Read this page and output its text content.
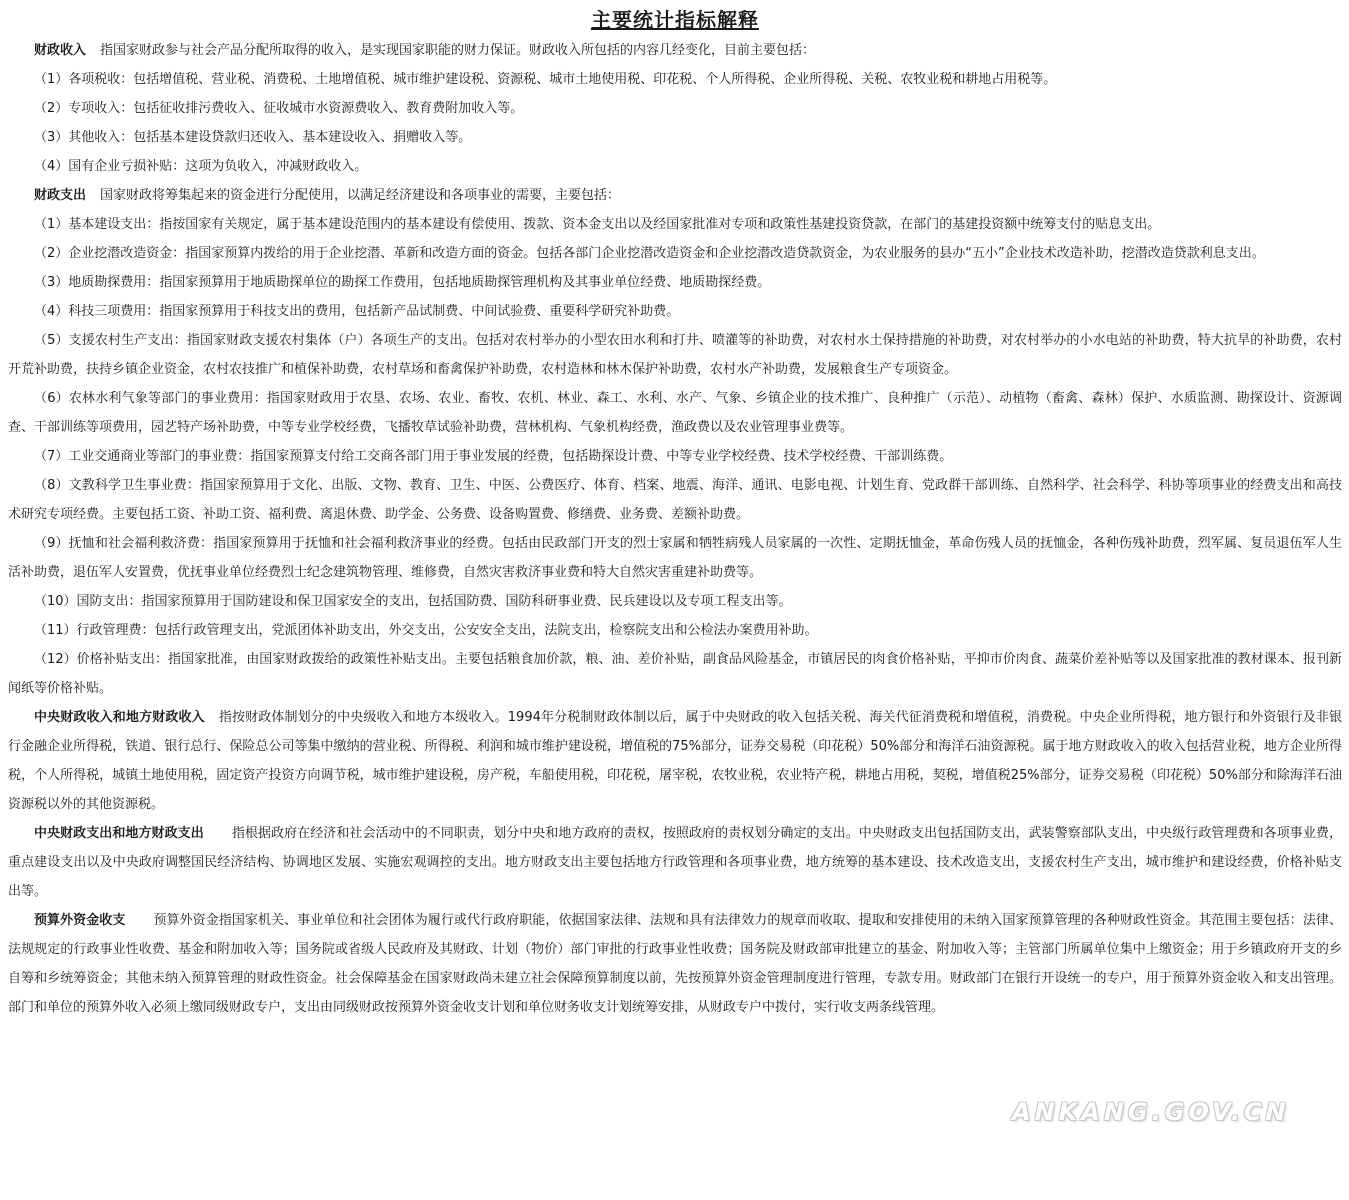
主要统计指标解释

财政收入 指国家财政参与社会产品分配所取得的收入，是实现国家职能的财力保证。财政收入所包括的内容几经变化，目前主要包括：

（1）各项税收：包括增值税、营业税、消费税、土地增值税、城市维护建设税、资源税、城市土地使用税、印花税、个人所得税、企业所得税、关税、农牧业税和耕地占用税等。

（2）专项收入：包括征收排污费收入、征收城市水资源费收入、教育费附加收入等。

（3）其他收入：包括基本建设贷款归还收入、基本建设收入、捐赠收入等。

（4）国有企业亏损补贴：这项为负收入，冲减财政收入。

财政支出 国家财政将筹集起来的资金进行分配使用，以满足经济建设和各项事业的需要，主要包括：

（1）基本建设支出：指按国家有关规定，属于基本建设范围内的基本建设有偿使用、拨款、资本金支出以及经国家批准对专项和政策性基建投资贷款，在部门的基建投资额中统筹支付的贴息支出。

（2）企业挖潜改造资金：指国家预算内拨给的用于企业挖潜、革新和改造方面的资金。包括各部门企业挖潜改造资金和企业挖潜改造贷款资金，为农业服务的县办“五小”企业技术改造补助，挖潜改造贷款利息支出。

（3）地质勘探费用：指国家预算用于地质勘探单位的勘探工作费用，包括地质勘探管理机构及其事业单位经费、地质勘探经费。

（4）科技三项费用：指国家预算用于科技支出的费用，包括新产品试制费、中间试验费、重要科学研究补助费。

（5）支援农村生产支出：指国家财政支援农村集体（户）各项生产的支出。包括对农村举办的小型农田水利和打井、喷灌等的补助费，对农村水土保持措施的补助费，对农村举办的小水电站的补助费，特大抗旱的补助费，农村开荒补助费，扶持乡镇企业资金，农村农技推广和植保补助费，农村草场和畜禽保护补助费，农村造林和林木保护补助费，农村水产补助费，发展粮食生产专项资金。

（6）农林水利气象等部门的事业费用：指国家财政用于农垦、农场、农业、畜牧、农机、林业、森工、水利、水产、气象、乡镇企业的技术推广、良种推广（示范）、动植物（畜禽、森林）保护、水质监测、勘探设计、资源调查、干部训练等项费用，园艺特产场补助费，中等专业学校经费，飞播牧草试验补助费，营林机构、气象机构经费，渔政费以及农业管理事业费等。

（7）工业交通商业等部门的事业费：指国家预算支付给工交商各部门用于事业发展的经费，包括勘探设计费、中等专业学校经费、技术学校经费、干部训练费。

（8）文教科学卫生事业费：指国家预算用于文化、出版、文物、教育、卫生、中医、公费医疗、体育、档案、地震、海洋、通讯、电影电视、计划生育、党政群干部训练、自然科学、社会科学、科协等项事业的经费支出和高技术研究专项经费。主要包括工资、补助工资、福利费、离退休费、助学金、公务费、设备购置费、修缮费、业务费、差额补助费。

（9）抚恤和社会福利救济费：指国家预算用于抚恤和社会福利救济事业的经费。包括由民政部门开支的烈士家属和牺牲病残人员家属的一次性、定期抚恤金，革命伤残人员的抚恤金，各种伤残补助费，烈军属、复员退伍军人生活补助费，退伍军人安置费，优抚事业单位经费烈士纪念建筑物管理、维修费，自然灾害救济事业费和特大自然灾害重建补助费等。

（10）国防支出：指国家预算用于国防建设和保卫国家安全的支出，包括国防费、国防科研事业费、民兵建设以及专项工程支出等。

（11）行政管理费：包括行政管理支出，党派团体补助支出，外交支出，公安安全支出，法院支出，检察院支出和公检法办案费用补助。

（12）价格补贴支出：指国家批准，由国家财政拨给的政策性补贴支出。主要包括粮食加价款，粮、油、差价补贴，副食品风险基金，市镇居民的肉食价格补贴，平抑市价肉食、蔬菜价差补贴等以及国家批准的教材课本、报刊新闻纸等价格补贴。

中央财政收入和地方财政收入 指按财政体制划分的中央级收入和地方本级收入。1994年分税制财政体制以后，属于中央财政的收入包括关税、海关代征消费税和增值税，消费税。中央企业所得税，地方银行和外资银行及非银行金融企业所得税，铁道、银行总行、保险总公司等集中缴纳的营业税、所得税、利润和城市维护建设税，增值税的75%部分，证券交易税（印花税）50%部分和海洋石油资源税。属于地方财政收入的收入包括营业税，地方企业所得税，个人所得税，城镇土地使用税，固定资产投资方向调节税，城市维护建设税，房产税，车船使用税，印花税，屠宰税，农牧业税，农业特产税，耕地占用税，契税，增值税25%部分，证券交易税（印花税）50%部分和除海洋石油资源税以外的其他资源税。

中央财政支出和地方财政支出 指根据政府在经济和社会活动中的不同职责，划分中央和地方政府的责权，按照政府的责权划分确定的支出。中央财政支出包括国防支出，武装警察部队支出，中央级行政管理费和各项事业费，重点建设支出以及中央政府调整国民经济结构、协调地区发展、实施宏观调控的支出。地方财政支出主要包括地方行政管理和各项事业费，地方统筹的基本建设、技术改造支出，支援农村生产支出，城市维护和建设经费，价格补贴支出等。

预算外资金收支 预算外资金指国家机关、事业单位和社会团体为履行或代行政府职能，依据国家法律、法规和具有法律效力的规章而收取、提取和安排使用的未纳入国家预算管理的各种财政性资金。其范围主要包括：法律、法规规定的行政事业性收费、基金和附加收入等；国务院或省级人民政府及其财政、计划（物价）部门审批的行政事业性收费；国务院及财政部审批建立的基金、附加收入等；主管部门所属单位集中上缴资金；用于乡镇政府开支的乡自筹和乡统筹资金；其他未纳入预算管理的财政性资金。社会保障基金在国家财政尚未建立社会保障预算制度以前，先按预算外资金管理制度进行管理，专款专用。财政部门在银行开设统一的专户，用于预算外资金收入和支出管理。部门和单位的预算外收入必须上缴同级财政专户，支出由同级财政按预算外资金收支计划和单位财务收支计划统筹安排，从财政专户中拨付，实行收支两条线管理。

ANKANG.GOV.CN
